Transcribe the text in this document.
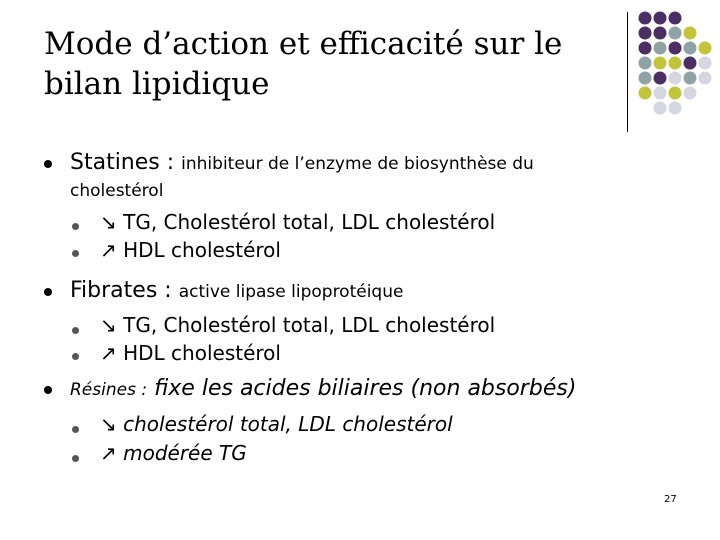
Mode d’action et efficacité sur le bilan lipidique
Statines : inhibiteur de l’enzyme de biosynthèse du
cholestérol
↘ TG, Cholestérol total, LDL cholestérol
↗ HDL cholestérol
Fibrates : active lipase lipoprotéique
↘ TG, Cholestérol total, LDL cholestérol
↗ HDL cholestérol
Résines : fixe les acides biliaires (non absorbés)
↘ cholestérol total, LDL cholestérol
↗ modérée TG
27
